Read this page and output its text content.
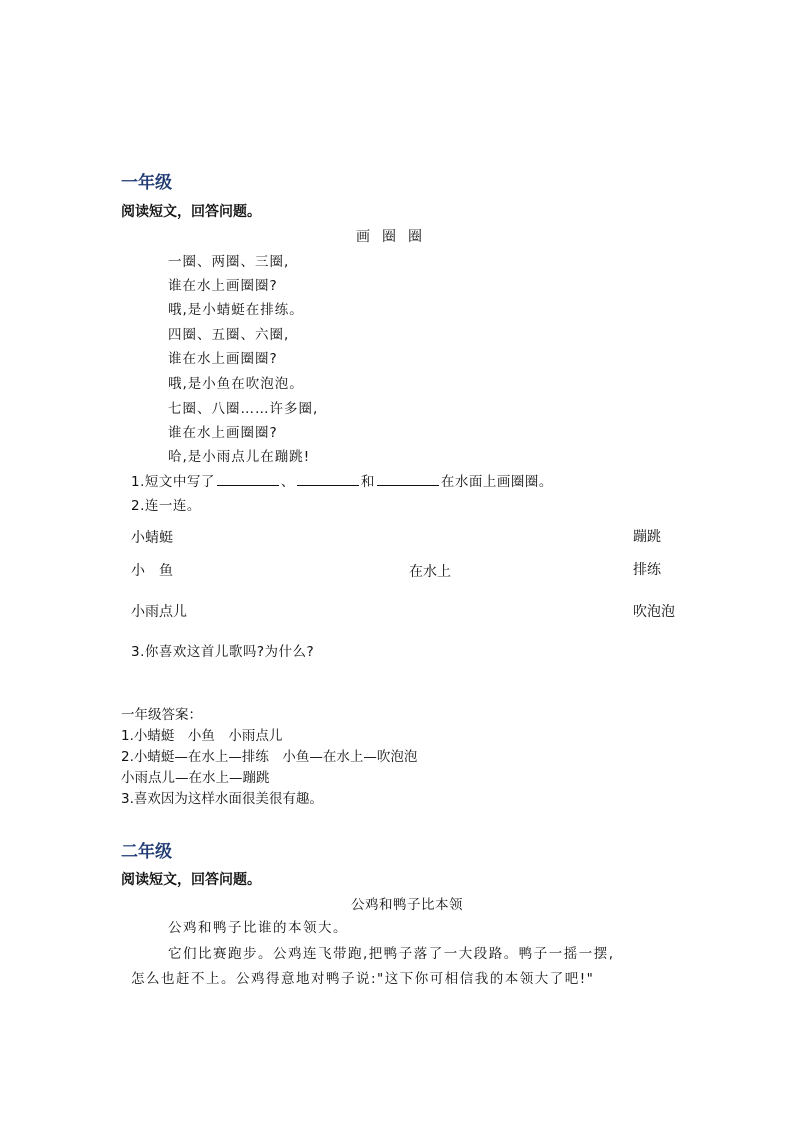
一年级
阅读短文，回答问题。
画圈圈
一圈、两圈、三圈,
谁在水上画圈圈?
哦,是小蜻蜓在排练。
四圈、五圈、六圈,
谁在水上画圈圈?
哦,是小鱼在吹泡泡。
七圈、八圈……许多圈,
谁在水上画圈圈?
哈,是小雨点儿在蹦跳!
1.短文中写了	、	和	在水面上画圈圈。
2.连一连。
小蜻蜓
小　鱼
小雨点儿
在水上
蹦跳
排练
吹泡泡
3.你喜欢这首儿歌吗?为什么?
一年级答案：
1.小蜻蜓　小鱼　小雨点儿
2.小蜻蜓—在水上—排练　小鱼—在水上—吹泡泡
小雨点儿—在水上—蹦跳
3.喜欢因为这样水面很美很有趣。
二年级
阅读短文，回答问题。
公鸡和鸭子比本领
公鸡和鸭子比谁的本领大。
它们比赛跑步。公鸡连飞带跑,把鸭子落了一大段路。鸭子一摇一摆,
怎么也赶不上。公鸡得意地对鸭子说:"这下你可相信我的本领大了吧!"
